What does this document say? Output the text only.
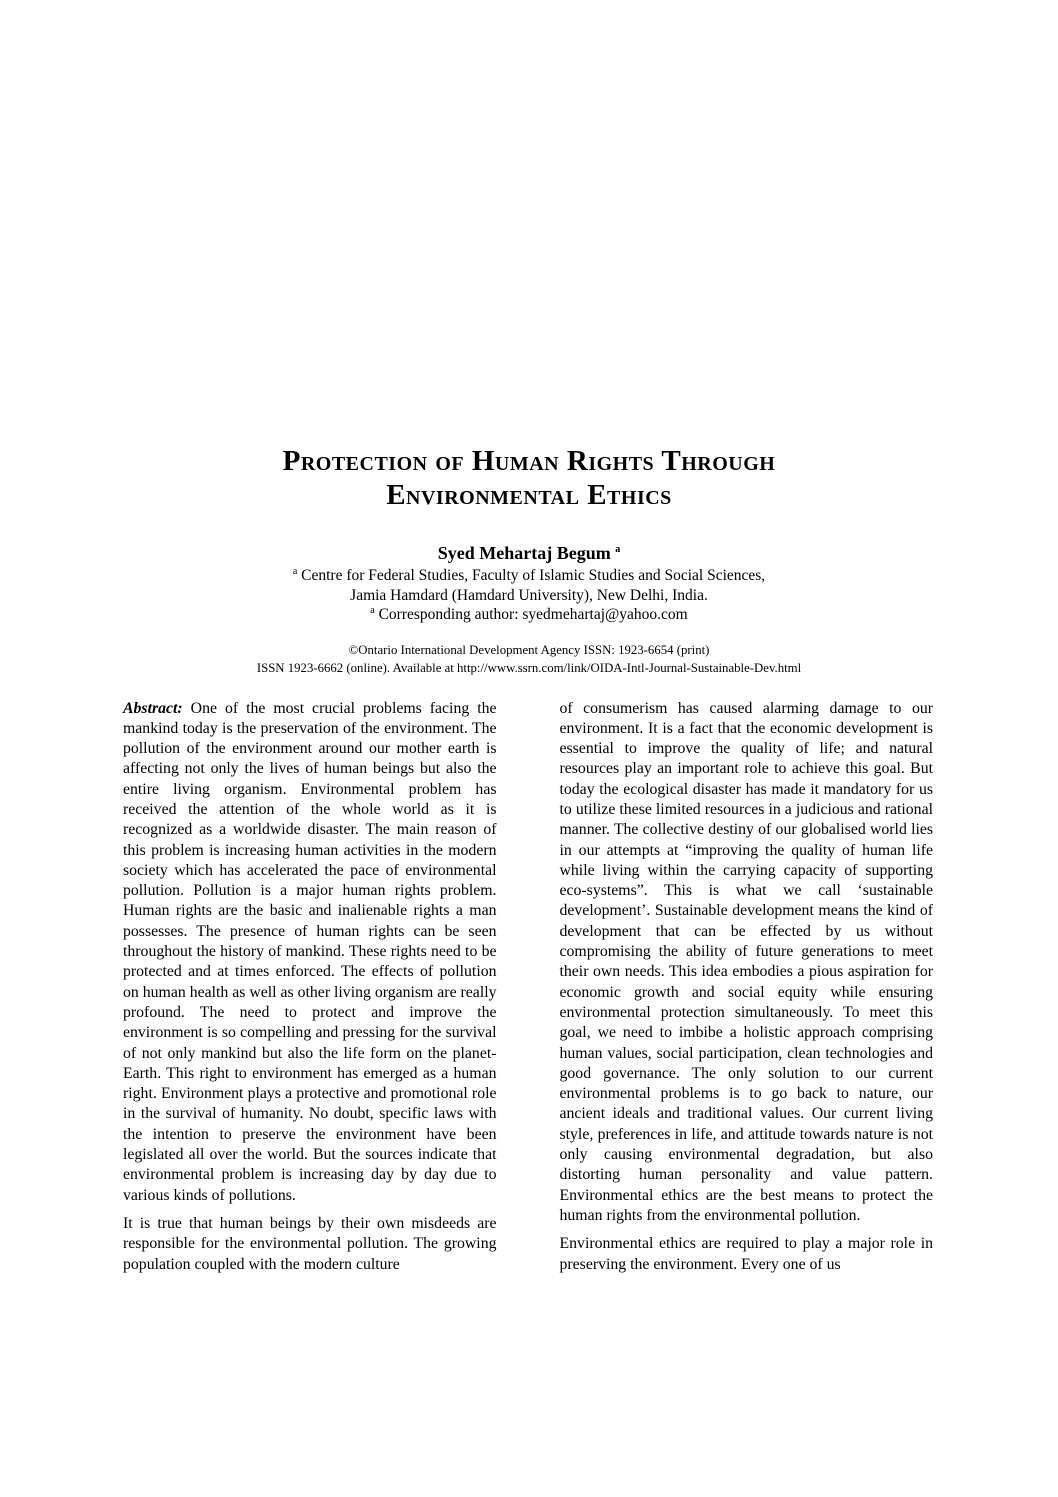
Protection of Human Rights Through
Environmental Ethics
Syed Mehartaj Begum $^a$
$^a$ Centre for Federal Studies, Faculty of Islamic Studies and Social Sciences,
Jamia Hamdard (Hamdard University), New Delhi, India.
$^a$ Corresponding author: syedmehartaj@yahoo.com
©Ontario International Development Agency ISSN: 1923-6654 (print)
ISSN 1923-6662 (online). Available at http://www.ssrn.com/link/OIDA-Intl-Journal-Sustainable-Dev.html

Abstract: One of the most crucial problems facing the mankind today is the preservation of the environment. The pollution of the environment around our mother earth is affecting not only the lives of human beings but also the entire living organism. Environmental problem has received the attention of the whole world as it is recognized as a worldwide disaster. The main reason of this problem is increasing human activities in the modern society which has accelerated the pace of environmental pollution. Pollution is a major human rights problem. Human rights are the basic and inalienable rights a man possesses. The presence of human rights can be seen throughout the history of mankind. These rights need to be protected and at times enforced. The effects of pollution on human health as well as other living organism are really profound. The need to protect and improve the environment is so compelling and pressing for the survival of not only mankind but also the life form on the planet-Earth. This right to environment has emerged as a human right. Environment plays a protective and promotional role in the survival of humanity. No doubt, specific laws with the intention to preserve the environment have been legislated all over the world. But the sources indicate that environmental problem is increasing day by day due to various kinds of pollutions.

It is true that human beings by their own misdeeds are responsible for the environmental pollution. The growing population coupled with the modern culture

of consumerism has caused alarming damage to our environment. It is a fact that the economic development is essential to improve the quality of life; and natural resources play an important role to achieve this goal. But today the ecological disaster has made it mandatory for us to utilize these limited resources in a judicious and rational manner. The collective destiny of our globalised world lies in our attempts at “improving the quality of human life while living within the carrying capacity of supporting eco-systems”. This is what we call ‘sustainable development’. Sustainable development means the kind of development that can be effected by us without compromising the ability of future generations to meet their own needs. This idea embodies a pious aspiration for economic growth and social equity while ensuring environmental protection simultaneously. To meet this goal, we need to imbibe a holistic approach comprising human values, social participation, clean technologies and good governance. The only solution to our current environmental problems is to go back to nature, our ancient ideals and traditional values. Our current living style, preferences in life, and attitude towards nature is not only causing environmental degradation, but also distorting human personality and value pattern. Environmental ethics are the best means to protect the human rights from the environmental pollution.

Environmental ethics are required to play a major role in preserving the environment. Every one of us
